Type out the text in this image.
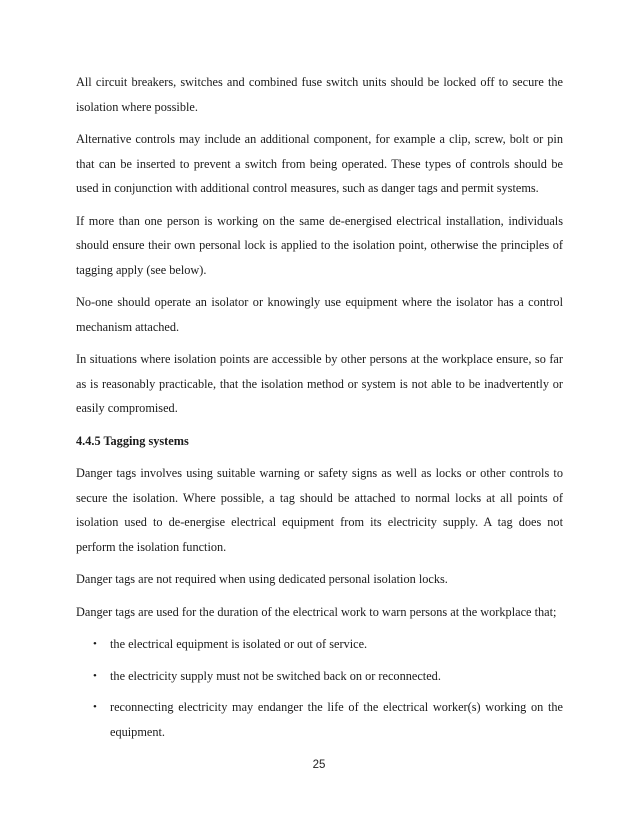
All circuit breakers, switches and combined fuse switch units should be locked off to secure the isolation where possible.

Alternative controls may include an additional component, for example a clip, screw, bolt or pin that can be inserted to prevent a switch from being operated. These types of controls should be used in conjunction with additional control measures, such as danger tags and permit systems.

If more than one person is working on the same de-energised electrical installation, individuals should ensure their own personal lock is applied to the isolation point, otherwise the principles of tagging apply (see below).

No-one should operate an isolator or knowingly use equipment where the isolator has a control mechanism attached.

In situations where isolation points are accessible by other persons at the workplace ensure, so far as is reasonably practicable, that the isolation method or system is not able to be inadvertently or easily compromised.

4.4.5 Tagging systems

Danger tags involves using suitable warning or safety signs as well as locks or other controls to secure the isolation. Where possible, a tag should be attached to normal locks at all points of isolation used to de-energise electrical equipment from its electricity supply. A tag does not perform the isolation function.

Danger tags are not required when using dedicated personal isolation locks.

Danger tags are used for the duration of the electrical work to warn persons at the workplace that;

• the electrical equipment is isolated or out of service.
• the electricity supply must not be switched back on or reconnected.
• reconnecting electricity may endanger the life of the electrical worker(s) working on the equipment.
25
